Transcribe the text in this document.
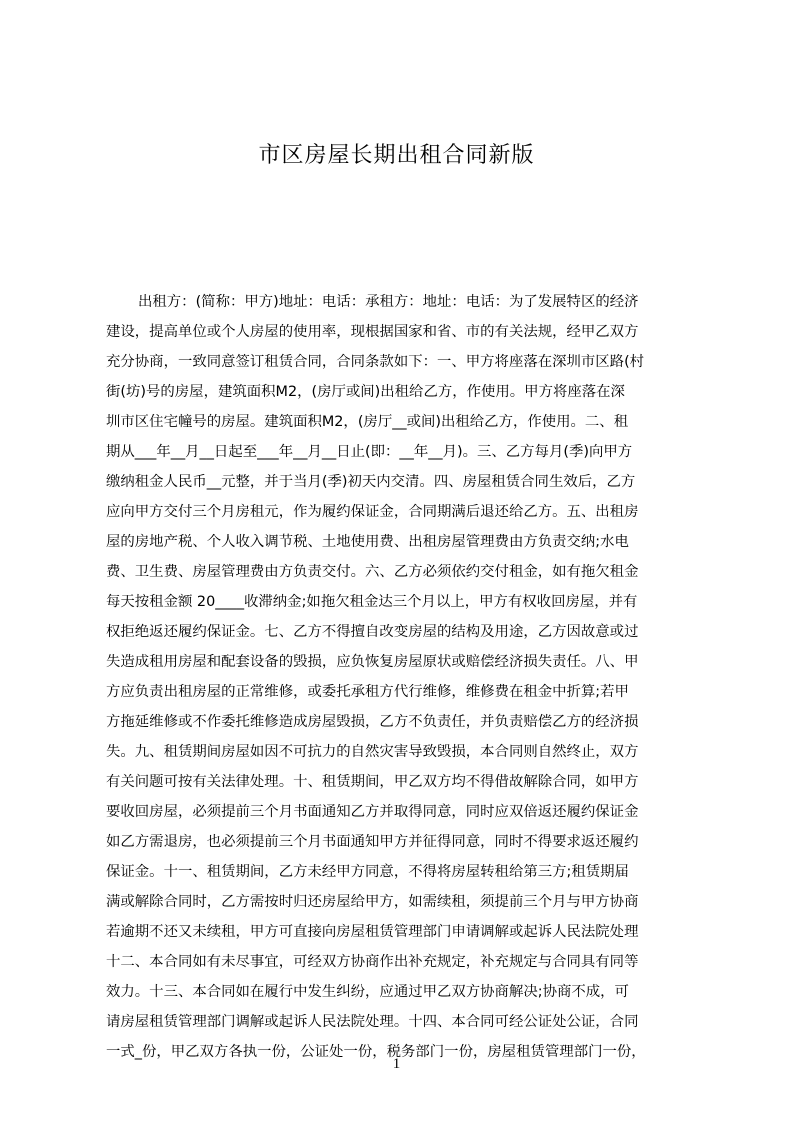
市区房屋长期出租合同新版
出租方：(简称：甲方)地址：电话：承租方：地址：电话：为了发展特区的经济
建设，提高单位或个人房屋的使用率，现根据国家和省、市的有关法规，经甲乙双方
充分协商，一致同意签订租赁合同，合同条款如下：一、甲方将座落在深圳市区路(村
街(坊)号的房屋，建筑面积M2，(房厅或间)出租给乙方，作使用。甲方将座落在深
圳市区住宅幢号的房屋。建筑面积M2，(房厅__或间)出租给乙方，作使用。二、租
期从___年__月__日起至___年__月__日止(即：__年__月)。三、乙方每月(季)向甲方
缴纳租金人民币__元整，并于当月(季)初天内交清。四、房屋租赁合同生效后，乙方
应向甲方交付三个月房租元，作为履约保证金，合同期满后退还给乙方。五、出租房
屋的房地产税、个人收入调节税、土地使用费、出租房屋管理费由方负责交纳;水电
费、卫生费、房屋管理费由方负责交付。六、乙方必须依约交付租金，如有拖欠租金
每天按租金额 20____收滞纳金;如拖欠租金达三个月以上，甲方有权收回房屋，并有
权拒绝返还履约保证金。七、乙方不得擅自改变房屋的结构及用途，乙方因故意或过
失造成租用房屋和配套设备的毁损，应负恢复房屋原状或赔偿经济损失责任。八、甲
方应负责出租房屋的正常维修，或委托承租方代行维修，维修费在租金中折算;若甲
方拖延维修或不作委托维修造成房屋毁损，乙方不负责任，并负责赔偿乙方的经济损
失。九、租赁期间房屋如因不可抗力的自然灾害导致毁损，本合同则自然终止，双方
有关问题可按有关法律处理。十、租赁期间，甲乙双方均不得借故解除合同，如甲方
要收回房屋，必须提前三个月书面通知乙方并取得同意，同时应双倍返还履约保证金
如乙方需退房，也必须提前三个月书面通知甲方并征得同意，同时不得要求返还履约
保证金。十一、租赁期间，乙方未经甲方同意，不得将房屋转租给第三方;租赁期届
满或解除合同时，乙方需按时归还房屋给甲方，如需续租，须提前三个月与甲方协商
若逾期不还又未续租，甲方可直接向房屋租赁管理部门申请调解或起诉人民法院处理
十二、本合同如有未尽事宜，可经双方协商作出补充规定，补充规定与合同具有同等
效力。十三、本合同如在履行中发生纠纷，应通过甲乙双方协商解决;协商不成，可
请房屋租赁管理部门调解或起诉人民法院处理。十四、本合同可经公证处公证，合同
一式_份，甲乙双方各执一份，公证处一份，税务部门一份，房屋租赁管理部门一份，
1
